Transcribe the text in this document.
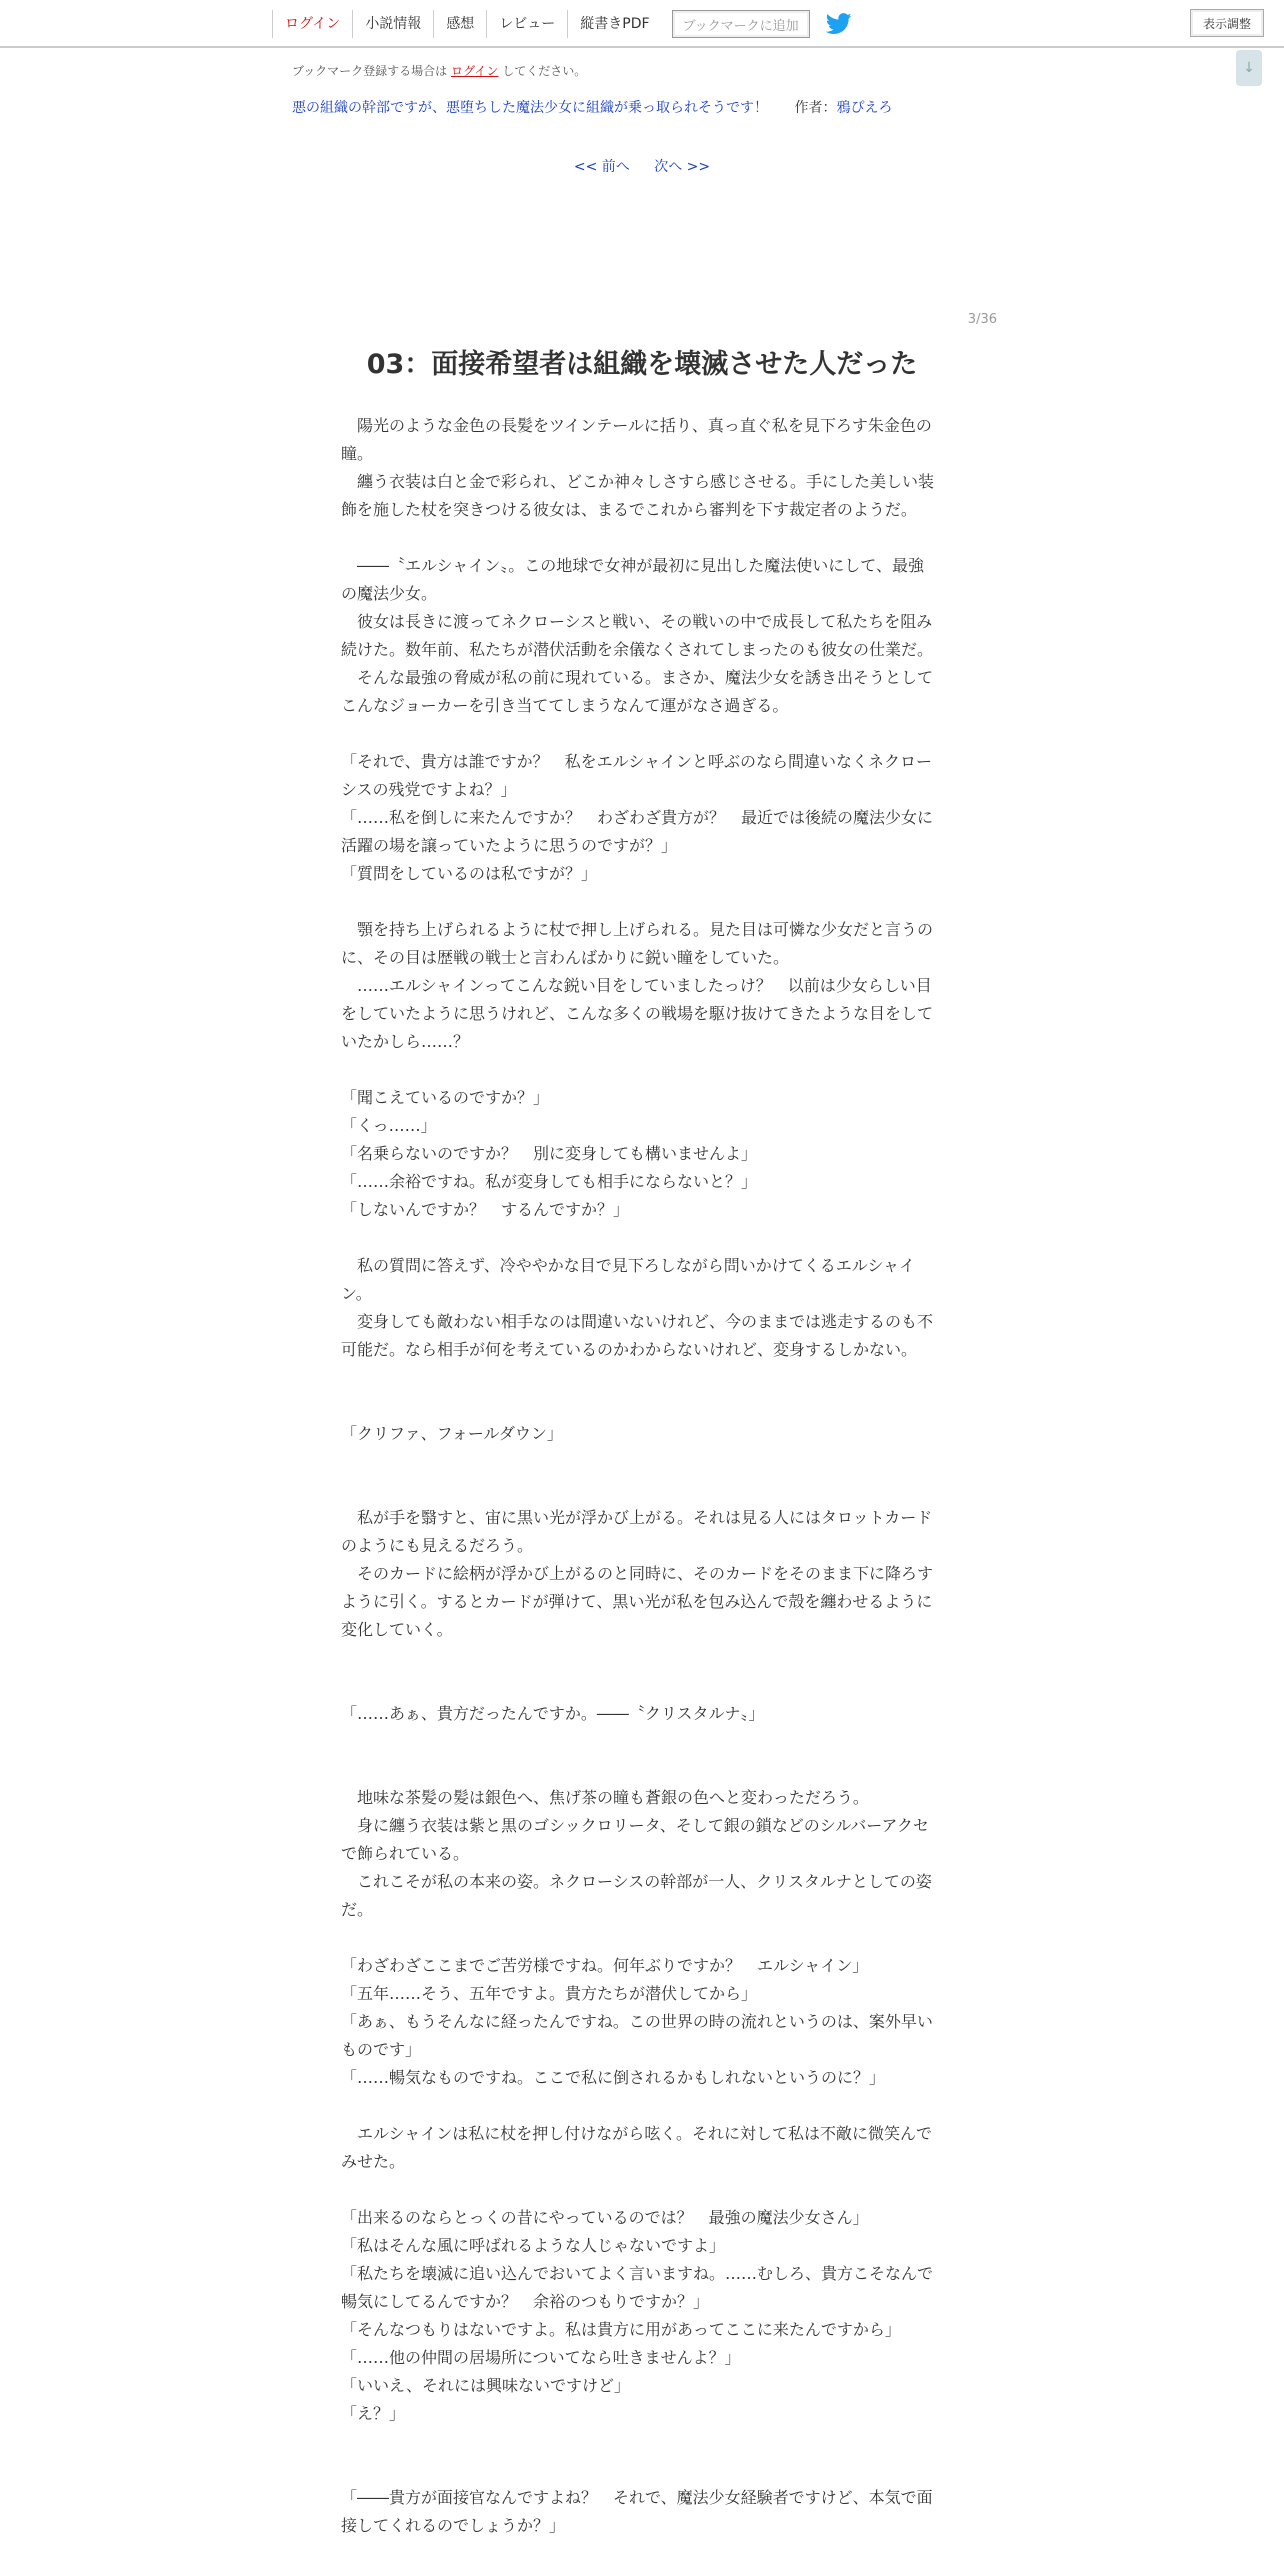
ログイン	小説情報	感想	レビュー	縦書きPDF	ブックマークに追加	表示調整
↓
ブックマーク登録する場合は ログイン してください。
悪の組織の幹部ですが、悪堕ちした魔法少女に組織が乗っ取られそうです！ 作者：鴉ぴえろ
<< 前へ 次へ >>
3/36
03：面接希望者は組織を壊滅させた人だった

　陽光のような金色の長髪をツインテールに括り、真っ直ぐ私を見下ろす朱金色の瞳。

　纏う衣装は白と金で彩られ、どこか神々しさすら感じさせる。手にした美しい装飾を施した杖を突きつける彼女は、まるでこれから審判を下す裁定者のようだ。

　――〝エルシャイン〟。この地球で女神が最初に見出した魔法使いにして、最強の魔法少女。

　彼女は長きに渡ってネクローシスと戦い、その戦いの中で成長して私たちを阻み続けた。数年前、私たちが潜伏活動を余儀なくされてしまったのも彼女の仕業だ。

　そんな最強の脅威が私の前に現れている。まさか、魔法少女を誘き出そうとしてこんなジョーカーを引き当ててしまうなんて運がなさ過ぎる。

「それで、貴方は誰ですか？　私をエルシャインと呼ぶのなら間違いなくネクローシスの残党ですよね？」

「……私を倒しに来たんですか？　わざわざ貴方が？　最近では後続の魔法少女に活躍の場を譲っていたように思うのですが？」

「質問をしているのは私ですが？」

　顎を持ち上げられるように杖で押し上げられる。見た目は可憐な少女だと言うのに、その目は歴戦の戦士と言わんばかりに鋭い瞳をしていた。

　……エルシャインってこんな鋭い目をしていましたっけ？　以前は少女らしい目をしていたように思うけれど、こんな多くの戦場を駆け抜けてきたような目をしていたかしら……？

「聞こえているのですか？」

「くっ……」

「名乗らないのですか？　別に変身しても構いませんよ」

「……余裕ですね。私が変身しても相手にならないと？」

「しないんですか？　するんですか？」

　私の質問に答えず、冷ややかな目で見下ろしながら問いかけてくるエルシャイン。

　変身しても敵わない相手なのは間違いないけれど、今のままでは逃走するのも不可能だ。なら相手が何を考えているのかわからないけれど、変身するしかない。

「クリファ、フォールダウン」

　私が手を翳すと、宙に黒い光が浮かび上がる。それは見る人にはタロットカードのようにも見えるだろう。

　そのカードに絵柄が浮かび上がるのと同時に、そのカードをそのまま下に降ろすように引く。するとカードが弾けて、黒い光が私を包み込んで殻を纏わせるように変化していく。

「……あぁ、貴方だったんですか。――〝クリスタルナ〟」

　地味な茶髪の髪は銀色へ、焦げ茶の瞳も蒼銀の色へと変わっただろう。

　身に纏う衣装は紫と黒のゴシックロリータ、そして銀の鎖などのシルバーアクセで飾られている。

　これこそが私の本来の姿。ネクローシスの幹部が一人、クリスタルナとしての姿だ。

「わざわざここまでご苦労様ですね。何年ぶりですか？　エルシャイン」

「五年……そう、五年ですよ。貴方たちが潜伏してから」

「あぁ、もうそんなに経ったんですね。この世界の時の流れというのは、案外早いものです」

「……暢気なものですね。ここで私に倒されるかもしれないというのに？」

　エルシャインは私に杖を押し付けながら呟く。それに対して私は不敵に微笑んでみせた。

「出来るのならとっくの昔にやっているのでは？　最強の魔法少女さん」

「私はそんな風に呼ばれるような人じゃないですよ」

「私たちを壊滅に追い込んでおいてよく言いますね。……むしろ、貴方こそなんで暢気にしてるんですか？　余裕のつもりですか？」

「そんなつもりはないですよ。私は貴方に用があってここに来たんですから」

「……他の仲間の居場所についてなら吐きませんよ？」

「いいえ、それには興味ないですけど」

「え？」

「――貴方が面接官なんですよね？　それで、魔法少女経験者ですけど、本気で面接してくれるのでしょうか？」
